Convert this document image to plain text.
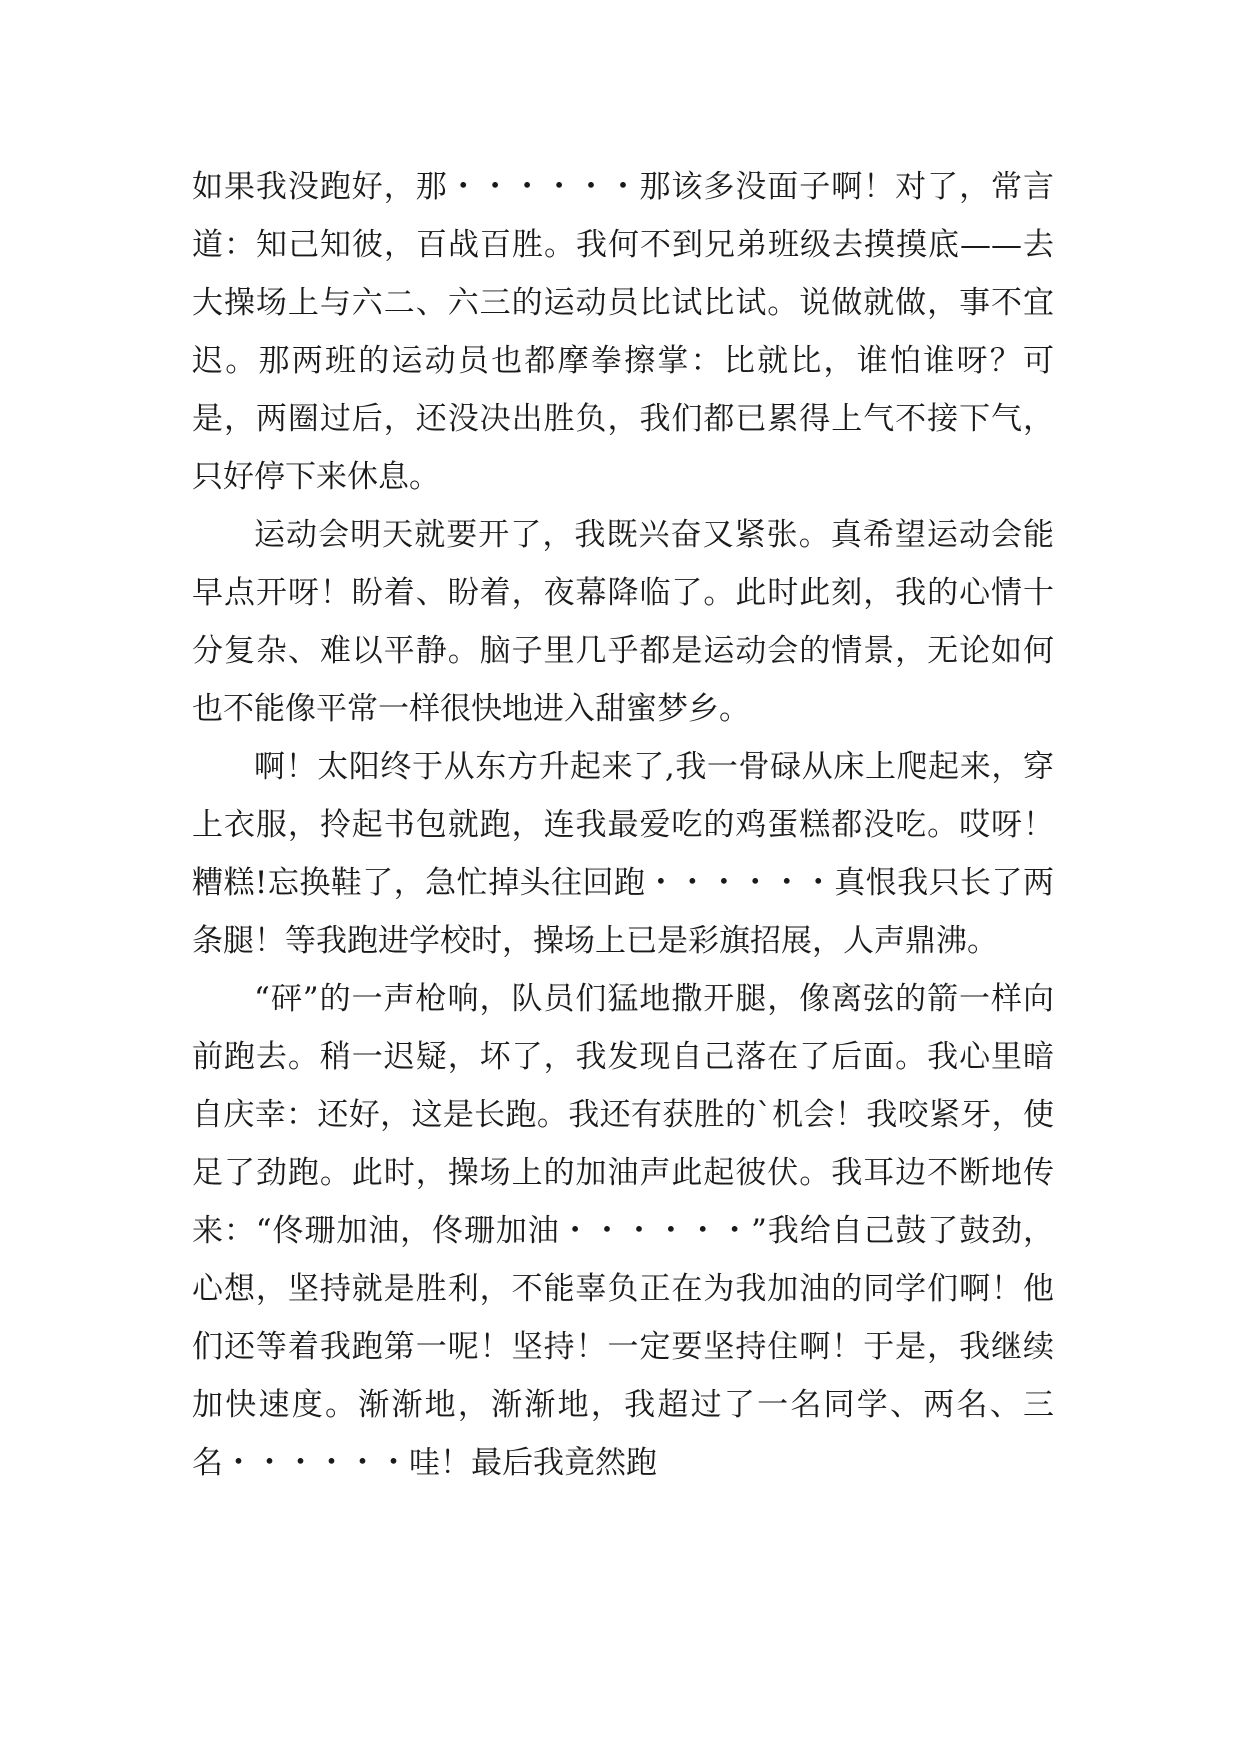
如果我没跑好，那・・・・・・那该多没面子啊！对了，常言道：知己知彼，百战百胜。我何不到兄弟班级去摸摸底——去大操场上与六二、六三的运动员比试比试。说做就做，事不宜迟。那两班的运动员也都摩拳擦掌：比就比，谁怕谁呀？可是，两圈过后，还没决出胜负，我们都已累得上气不接下气，只好停下来休息。

运动会明天就要开了，我既兴奋又紧张。真希望运动会能早点开呀！盼着、盼着，夜幕降临了。此时此刻，我的心情十分复杂、难以平静。脑子里几乎都是运动会的情景，无论如何也不能像平常一样很快地进入甜蜜梦乡。

啊！太阳终于从东方升起来了,我一骨碌从床上爬起来，穿上衣服，拎起书包就跑，连我最爱吃的鸡蛋糕都没吃。哎呀！糟糕!忘换鞋了，急忙掉头往回跑・・・・・・真恨我只长了两条腿！等我跑进学校时，操场上已是彩旗招展，人声鼎沸。

“砰”的一声枪响，队员们猛地撒开腿，像离弦的箭一样向前跑去。稍一迟疑，坏了，我发现自己落在了后面。我心里暗自庆幸：还好，这是长跑。我还有获胜的`机会！我咬紧牙，使足了劲跑。此时，操场上的加油声此起彼伏。我耳边不断地传来：“佟珊加油，佟珊加油・・・・・・”我给自己鼓了鼓劲，心想，坚持就是胜利，不能辜负正在为我加油的同学们啊！他们还等着我跑第一呢！坚持！一定要坚持住啊！于是，我继续加快速度。渐渐地，渐渐地，我超过了一名同学、两名、三名・・・・・・哇！最后我竟然跑
